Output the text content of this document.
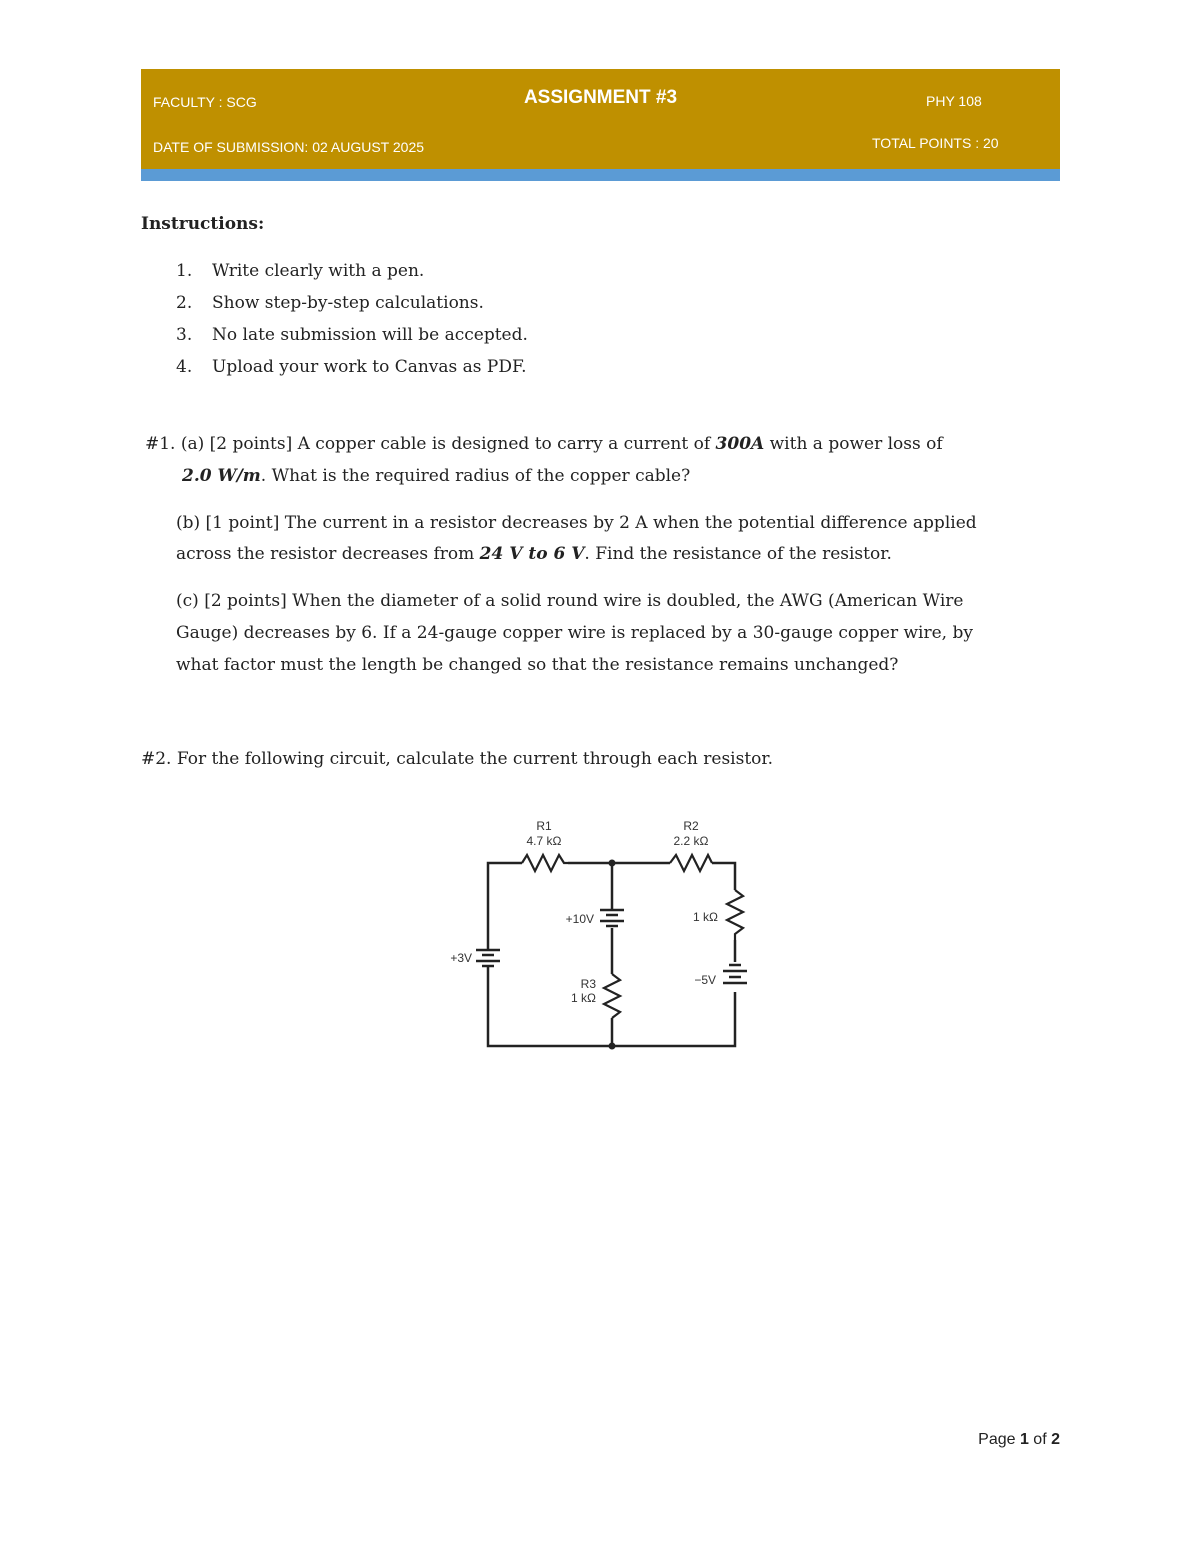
FACULTY : SCG	ASSIGNMENT #3	PHY 108
DATE OF SUBMISSION: 02 AUGUST 2025	TOTAL POINTS : 20
Instructions:
1. Write clearly with a pen.
2. Show step-by-step calculations.
3. No late submission will be accepted.
4. Upload your work to Canvas as PDF.
#1. (a) [2 points] A copper cable is designed to carry a current of 300A with a power loss of
2.0 W/m. What is the required radius of the copper cable?
(b) [1 point] The current in a resistor decreases by 2 A when the potential difference applied
across the resistor decreases from 24 V to 6 V. Find the resistance of the resistor.
(c) [2 points] When the diameter of a solid round wire is doubled, the AWG (American Wire
Gauge) decreases by 6. If a 24-gauge copper wire is replaced by a 30-gauge copper wire, by
what factor must the length be changed so that the resistance remains unchanged?
#2. For the following circuit, calculate the current through each resistor.
R1
4.7 kΩ
R2
2.2 kΩ
+10V	1 kΩ
+3V
R3
1 kΩ
−5V
Page 1 of 2
